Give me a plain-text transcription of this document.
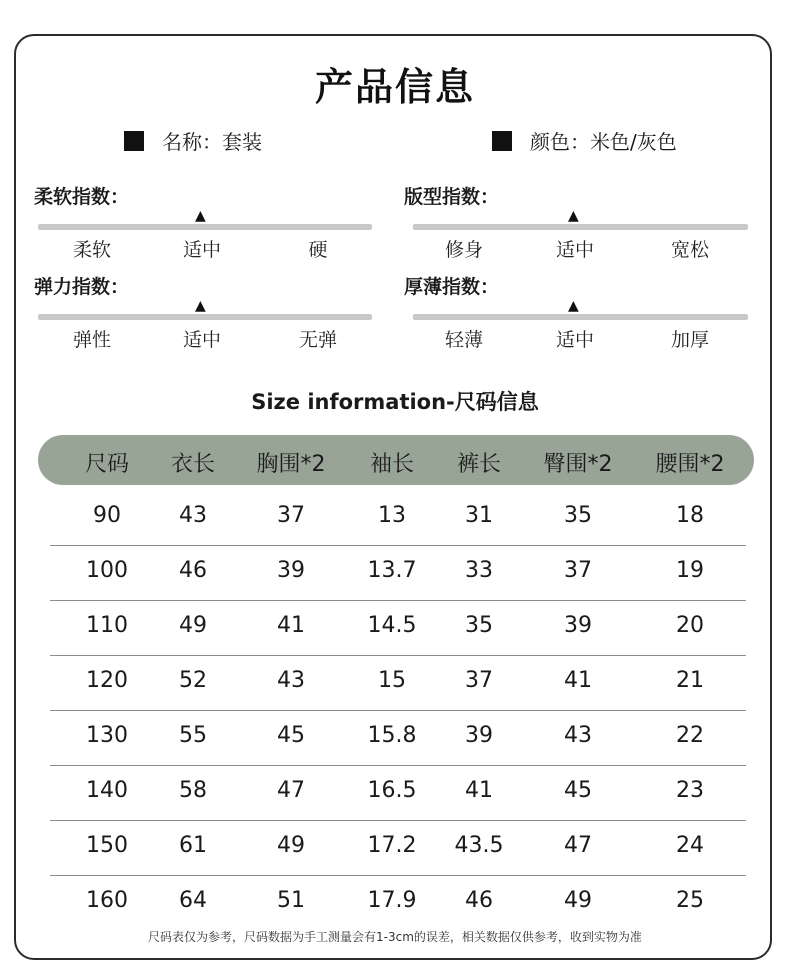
产品信息
名称：套装	颜色：米色/灰色
柔软指数：
▲
柔软	适中	硬
版型指数：
▲
修身	适中	宽松
弹力指数：
▲
弹性	适中	无弹
厚薄指数：
▲
轻薄	适中	加厚
Size information-尺码信息
尺码	衣长	胸围*2	袖长	裤长	臀围*2	腰围*2
90	43	37	13	31	35	18
100	46	39	13.7	33	37	19
110	49	41	14.5	35	39	20
120	52	43	15	37	41	21
130	55	45	15.8	39	43	22
140	58	47	16.5	41	45	23
150	61	49	17.2	43.5	47	24
160	64	51	17.9	46	49	25
尺码表仅为参考，尺码数据为手工测量会有1-3cm的误差，相关数据仅供参考，收到实物为准
